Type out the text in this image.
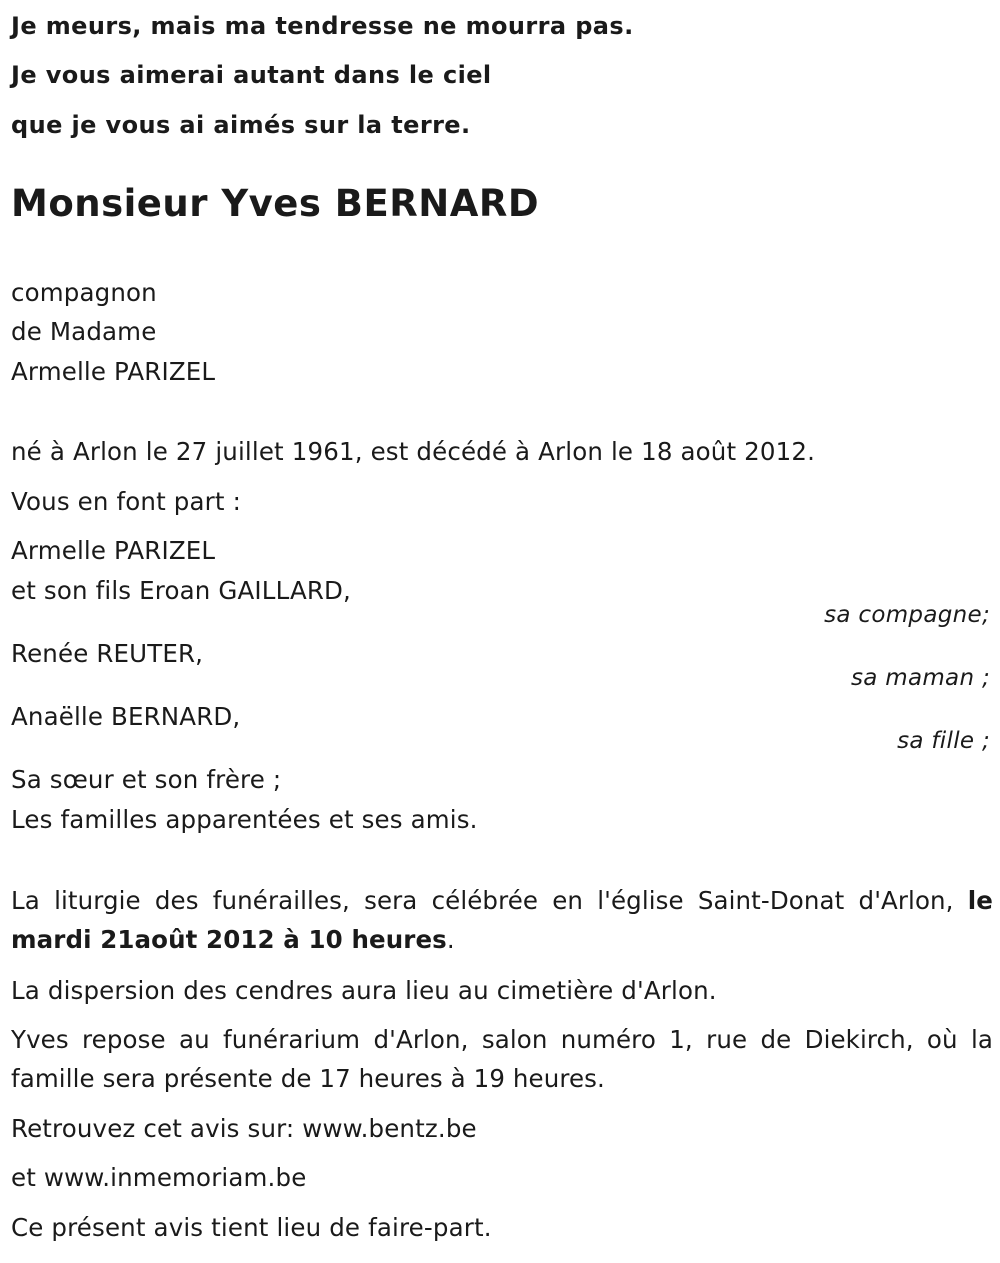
Je meurs, mais ma tendresse ne mourra pas.
Je vous aimerai autant dans le ciel
que je vous ai aimés sur la terre.
Monsieur Yves BERNARD
compagnon
de Madame
Armelle PARIZEL
né à Arlon le 27 juillet 1961, est décédé à Arlon le 18 août 2012.
Vous en font part :
Armelle PARIZEL
et son fils Eroan GAILLARD,
sa compagne;
Renée REUTER,
sa maman ;
Anaëlle BERNARD,
sa fille ;
Sa sœur et son frère ;
Les familles apparentées et ses amis.
La liturgie des funérailles, sera célébrée en l'église Saint-Donat d'Arlon, le mardi 21août 2012 à 10 heures.
La dispersion des cendres aura lieu au cimetière d'Arlon.
Yves repose au funérarium d'Arlon, salon numéro 1, rue de Diekirch, où la famille sera présente de 17 heures à 19 heures.
Retrouvez cet avis sur: www.bentz.be
et www.inmemoriam.be
Ce présent avis tient lieu de faire-part.
